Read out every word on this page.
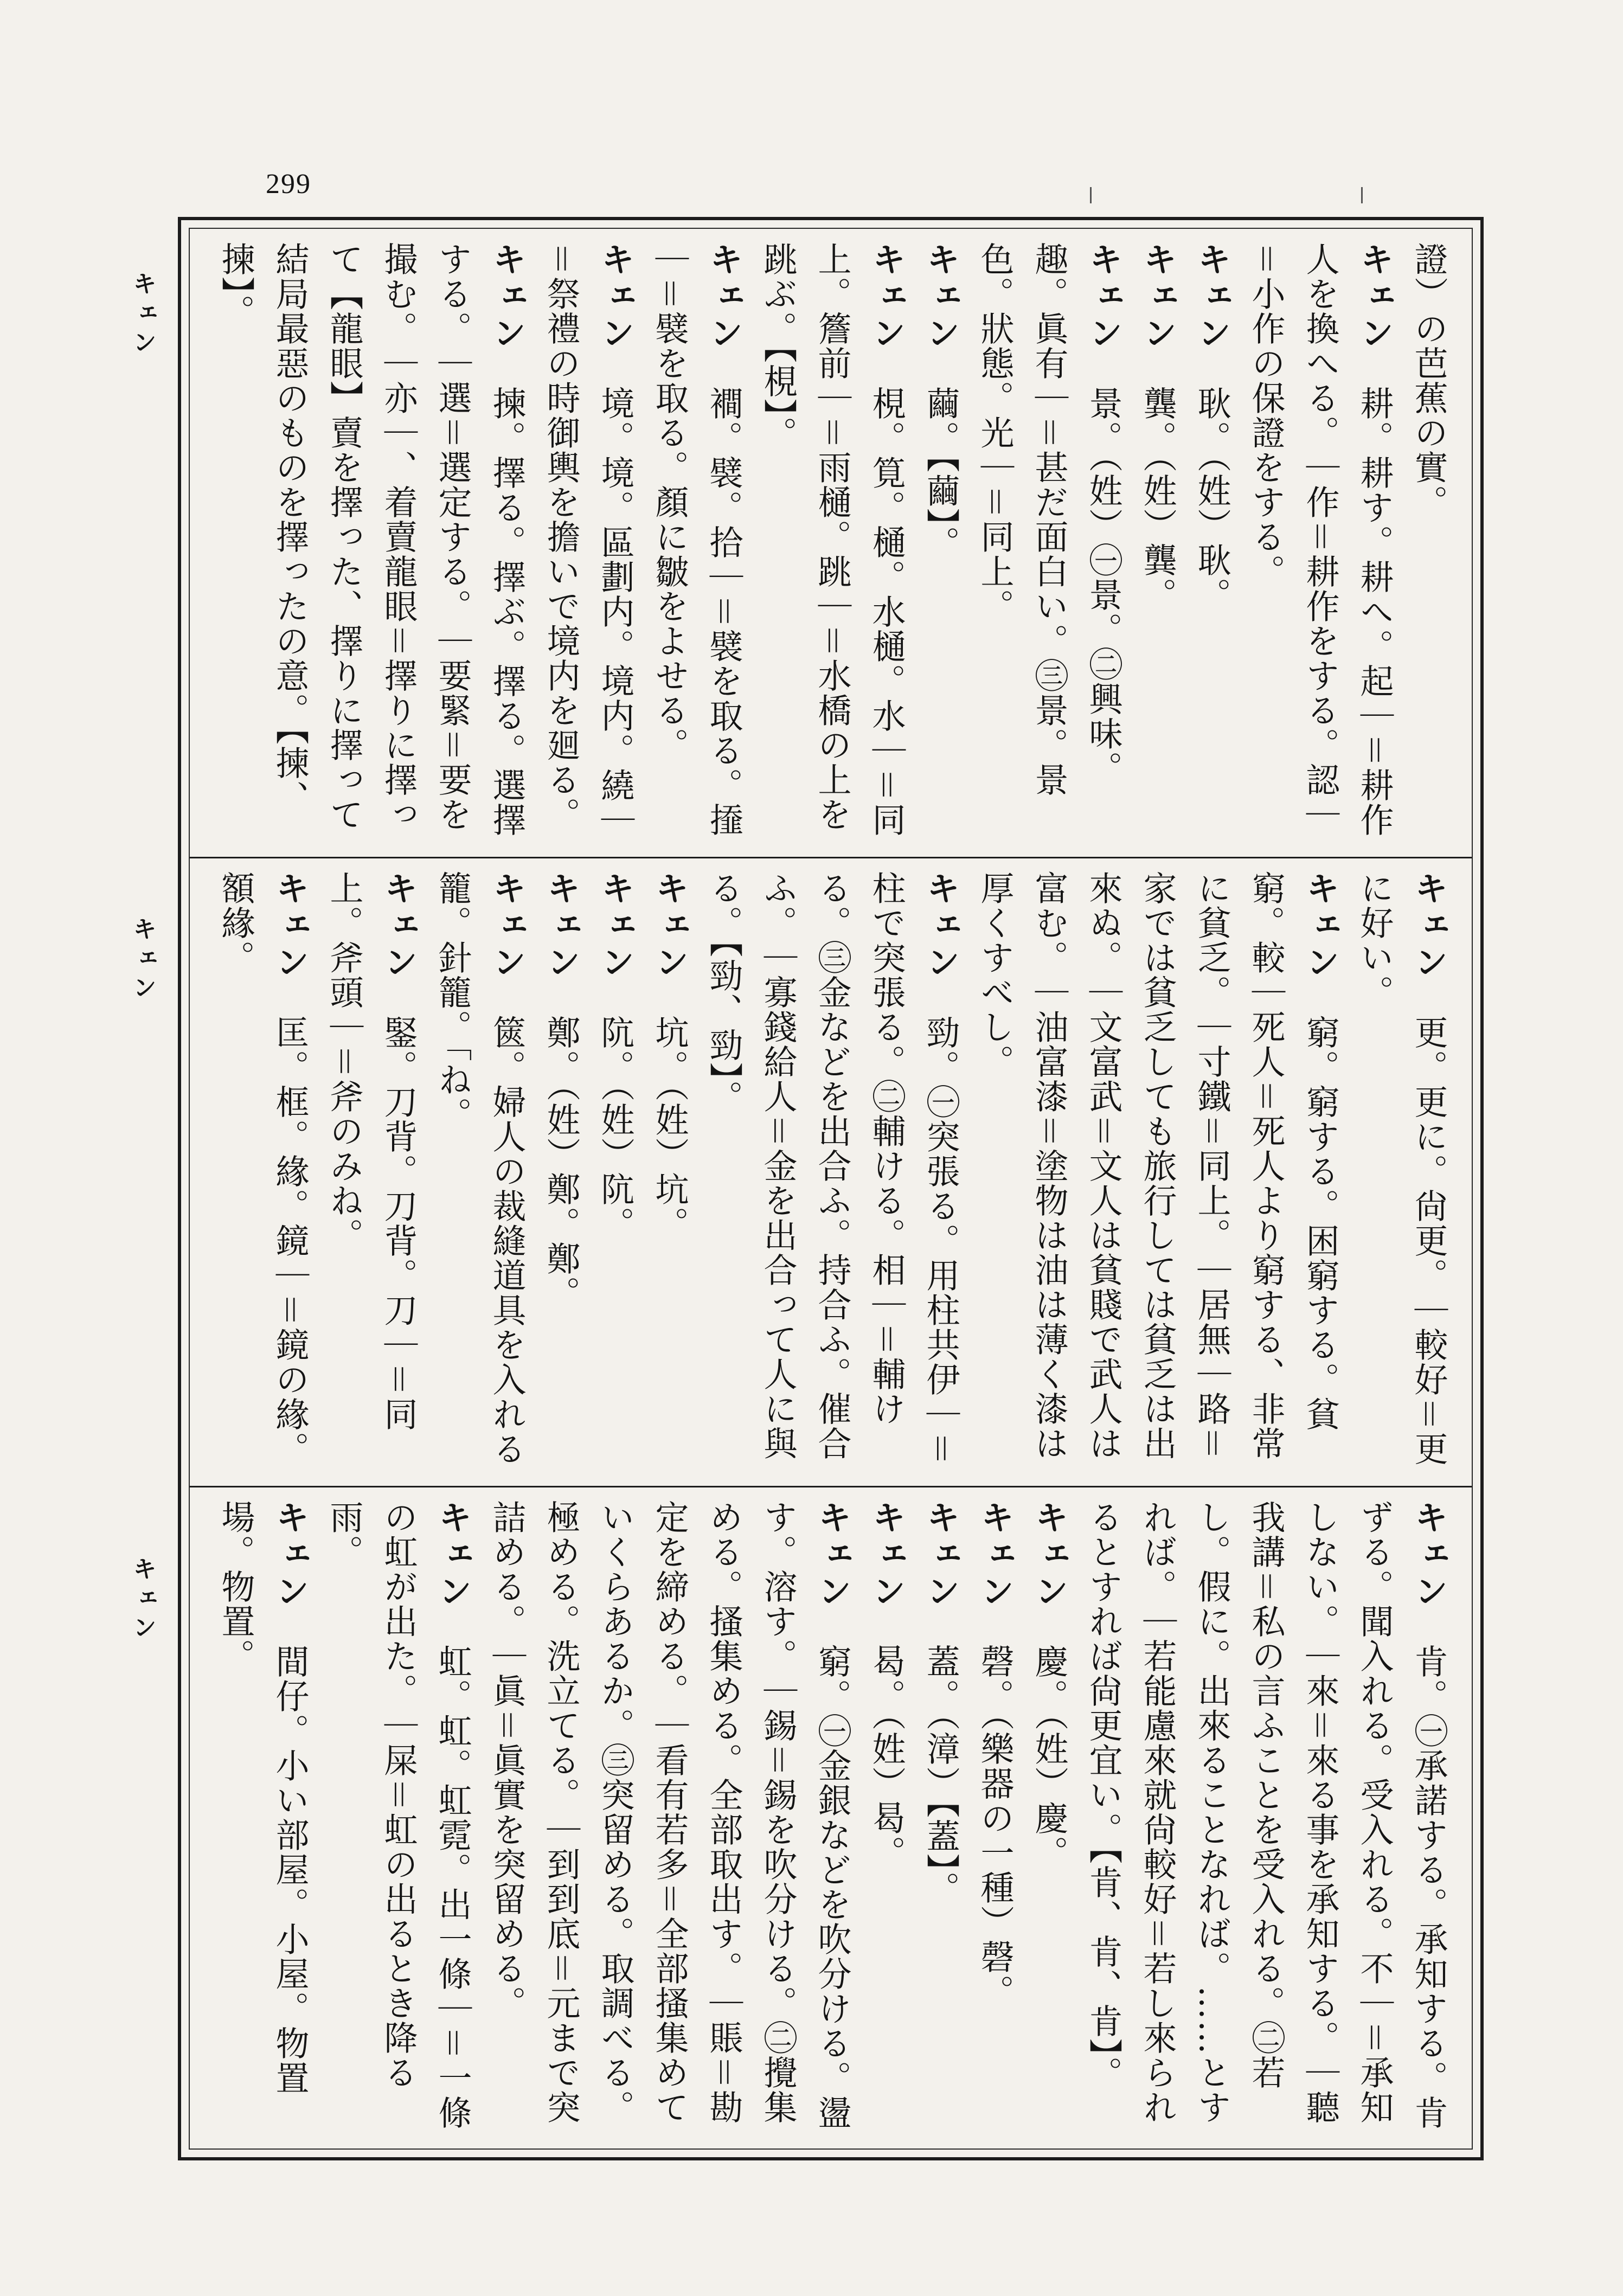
299
キェン
キェン
キェン
證）の芭蕉の實。
キェン　耕。耕す。耕へ。起｜＝耕作人を換へる。｜作＝耕作をする。認｜＝小作の保證をする。
キェン　耿。（姓）耿。
キェン　龔。（姓）龔。
キェン　景。（姓）㊀景。㊁興味。趣。眞有｜＝甚だ面白い。㊂景。景色。狀態。光｜＝同上。
キェン　繭。【繭】。
キェン　梘。筧。樋。水樋。水｜＝同上。簷前｜＝雨樋。跳｜＝水橋の上を跳ぶ。【梘】。
キェン　襇。襞。拾｜＝襞を取る。𢶍｜＝襞を取る。顏に皺をよせる。
キェン　境。境。區劃内。境内。繞｜＝祭禮の時御輿を擔いで境内を廻る。
キェン　揀。擇る。擇ぶ。擇る。選擇する。｜選＝選定する。｜要緊＝要を撮む。｜亦｜、着賣龍眼＝擇りに擇って【龍眼】賣を擇った、擇りに擇って結局最惡のものを擇ったの意。【揀、揀】。

キェン　更。更に。尙更。｜較好＝更に好い。
キェン　窮。窮する。困窮する。貧窮。較｜死人＝死人より窮する、非常に貧乏。｜寸鐵＝同上。｜居無｜路＝家では貧乏しても旅行しては貧乏は出來ぬ。｜文富武＝文人は貧賤で武人は富む。｜油富漆＝塗物は油は薄く漆は厚くすべし。
キェン　勁。㊀突張る。用柱共伊｜＝柱で突張る。㊁輔ける。相｜＝輔ける。㊂金などを出合ふ。持合ふ。催合ふ。｜寡錢給人＝金を出合って人に與る。【勁、勁】。
キェン　坑。（姓）坑。
キェン　阬。（姓）阬。
キェン　鄭。（姓）鄭。鄭。
キェン　篋。婦人の裁縫道具を入れる籠。針籠。「ね。
キェン　鋻。刀背。刀背。刀｜＝同上。斧頭｜＝斧のみね。
キェン　匡。框。緣。鏡｜＝鏡の緣。額緣。

キェン　肯。㊀承諾する。承知する。肯ずる。聞入れる。受入れる。不｜＝承知しない。｜來＝來る事を承知する。｜聽我講＝私の言ふことを受入れる。㊁若し。假に。出來ることなれば。……とすれば。｜若能慮來就尙較好＝若し來られるとすれば尙更宜い。【肯、肯、肯】。
キェン　慶。（姓）慶。
キェン　磬。（樂器の一種）磬。
キェン　蓋。（漳）【蓋】。
キェン　曷。（姓）曷。
キェン　窮。㊀金銀などを吹分ける。盪す。溶す。｜錫＝錫を吹分ける。㊁攪集める。搔集める。全部取出す。｜賬＝勘定を締める。｜看有若多＝全部搔集めていくらあるか。㊂突留める。取調べる。極める。洗立てる。｜到到底＝元まで突詰める。｜眞＝眞實を突留める。
キェン　虹。虹。虹霓。出一條｜＝一條の虹が出た。｜屎＝虹の出るとき降る雨。
キェン　間仔。小い部屋。小屋。物置場。物置。
